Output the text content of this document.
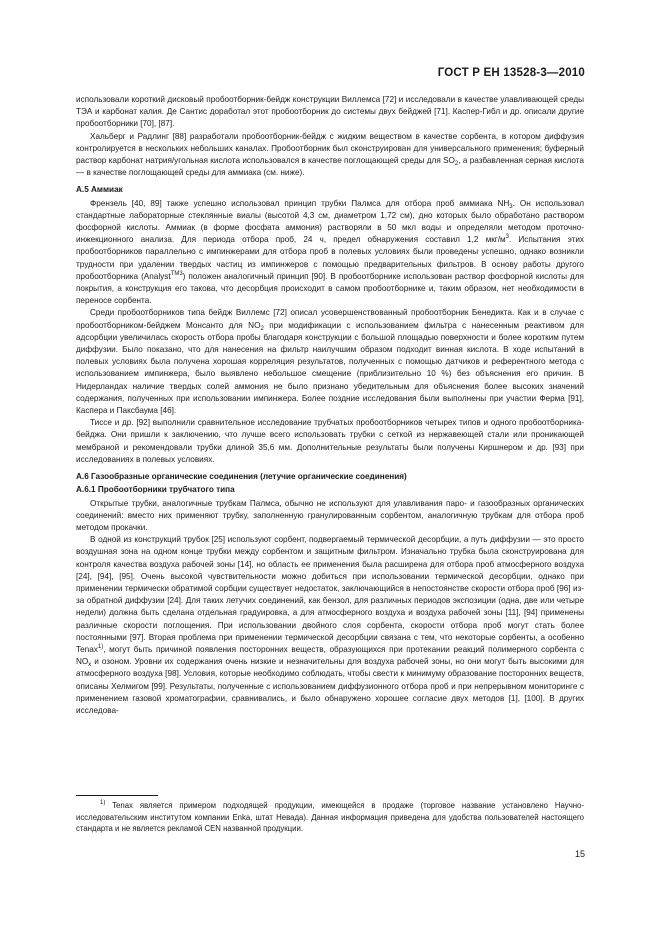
ГОСТ Р ЕН 13528-3—2010

использовали короткий дисковый пробоотборник-бейдж конструкции Виллемса [72] и исследовали в качестве улавливающей среды ТЭА и карбонат калия. Де Сантис доработал этот пробоотборник до системы двух бейджей [71]. Каспер-Гибл и др. описали другие пробоотборники [70], [87].

Хальберг и Радлинг [88] разработали пробоотборник-бейдж с жидким веществом в качестве сорбента, в котором диффузия контролируется в нескольких небольших каналах. Пробоотборник был сконструирован для универсального применения; буферный раствор карбонат натрия/угольная кислота использовался в качестве поглощающей среды для $SO_2$, а разбавленная серная кислота — в качестве поглощающей среды для аммиака (см. ниже).

А.5 Аммиак

Френзель [40, 89] также успешно использовал принцип трубки Палмса для отбора проб аммиака $NH_3$. Он использовал стандартные лабораторные стеклянные виалы (высотой 4,3 см, диаметром 1,72 см), дно которых было обработано раствором фосфорной кислоты. Аммиак (в форме фосфата аммония) растворяли в 50 мкл воды и определяли методом проточно-инжекционного анализа. Для периода отбора проб, 24 ч, предел обнаружения составил 1,2 мкг/$м^3$. Испытания этих пробоотборников параллельно с импинжерами для отбора проб в полевых условиях были проведены успешно, однако возникли трудности при удалении твердых частиц из импинжеров с помощью предварительных фильтров. В основу работы другого пробоотборника (Analyst$^{TM3}$) положен аналогичный принцип [90]. В пробоотборнике использован раствор фосфорной кислоты для покрытия, а конструкция его такова, что десорбция происходит в самом пробоотборнике и, таким образом, нет необходимости в переносе сорбента.

Среди пробоотборников типа бейдж Виллемс [72] описал усовершенствованный пробоотборник Бенедикта. Как и в случае с пробоотборником-бейджем Монсанто для $NO_2$ при модификации с использованием фильтра с нанесенным реактивом для адсорбции увеличилась скорость отбора пробы благодаря конструкции с большой площадью поверхности и более коротким путем диффузии. Было показано, что для нанесения на фильтр наилучшим образом подходит винная кислота. В ходе испытаний в полевых условиях была получена хорошая корреляция результатов, полученных с помощью датчиков и референтного метода с использованием импинжера, было выявлено небольшое смещение (приблизительно 10 %) без объяснения его причин. В Нидерландах наличие твердых солей аммония не было признано убедительным для объяснения более высоких значений содержания, полученных при использовании импинжера. Более поздние исследования были выполнены при участии Ферма [91], Каспера и Паксбаума [46].

Тиссе и др. [92] выполнили сравнительное исследование трубчатых пробоотборников четырех типов и одного пробоотборника-бейджа. Они пришли к заключению, что лучше всего использовать трубки с сеткой из нержавеющей стали или проникающей мембраной и рекомендовали трубки длиной 35,6 мм. Дополнительные результаты были получены Киршнером и др. [93] при исследованиях в полевых условиях.

А.6 Газообразные органические соединения (летучие органические соединения)

А.6.1 Пробоотборники трубчатого типа

Открытые трубки, аналогичные трубкам Палмса, обычно не используют для улавливания паро- и газообразных органических соединений: вместо них применяют трубку, заполненную гранулированным сорбентом, аналогичную трубкам для отбора проб методом прокачки.

В одной из конструкций трубок [25] используют сорбент, подвергаемый термической десорбции, а путь диффузии — это просто воздушная зона на одном конце трубки между сорбентом и защитным фильтром. Изначально трубка была сконструирована для контроля качества воздуха рабочей зоны [14], но область ее применения была расширена для отбора проб атмосферного воздуха [24], [94], [95]. Очень высокой чувствительности можно добиться при использовании термической десорбции, однако при применении термически обратимой сорбции существует недостаток, заключающийся в непостоянстве скорости отбора проб [96] из-за обратной диффузии [24]. Для таких летучих соединений, как бензол, для различных периодов экспозиции (одна, две или четыре недели) должна быть сделана отдельная градуировка, а для атмосферного воздуха и воздуха рабочей зоны [11], [94] применены различные скорости поглощения. При использовании двойного слоя сорбента, скорости отбора проб могут стать более постоянными [97]. Вторая проблема при применении термической десорбции связана с тем, что некоторые сорбенты, а особенно Tenax$^{1)}$, могут быть причиной появления посторонних веществ, образующихся при протекании реакций полимерного сорбента с $NO_x$ и озоном. Уровни их содержания очень низкие и незначительны для воздуха рабочей зоны, но они могут быть высокими для атмосферного воздуха [98]. Условия, которые необходимо соблюдать, чтобы свести к минимуму образование посторонних веществ, описаны Хелмигом [99]. Результаты, полученные с использованием диффузионного отбора проб и при непрерывном мониторинге с применением газовой хроматографии, сравнивались, и было обнаружено хорошее согласие двух методов [1], [100]. В других исследова-

$^{1)}$ Tenax является примером подходящей продукции, имеющейся в продаже (торговое название установлено Научно-исследовательским институтом компании Enka, штат Невада). Данная информация приведена для удобства пользователей настоящего стандарта и не является рекламой CEN названной продукции.
15
